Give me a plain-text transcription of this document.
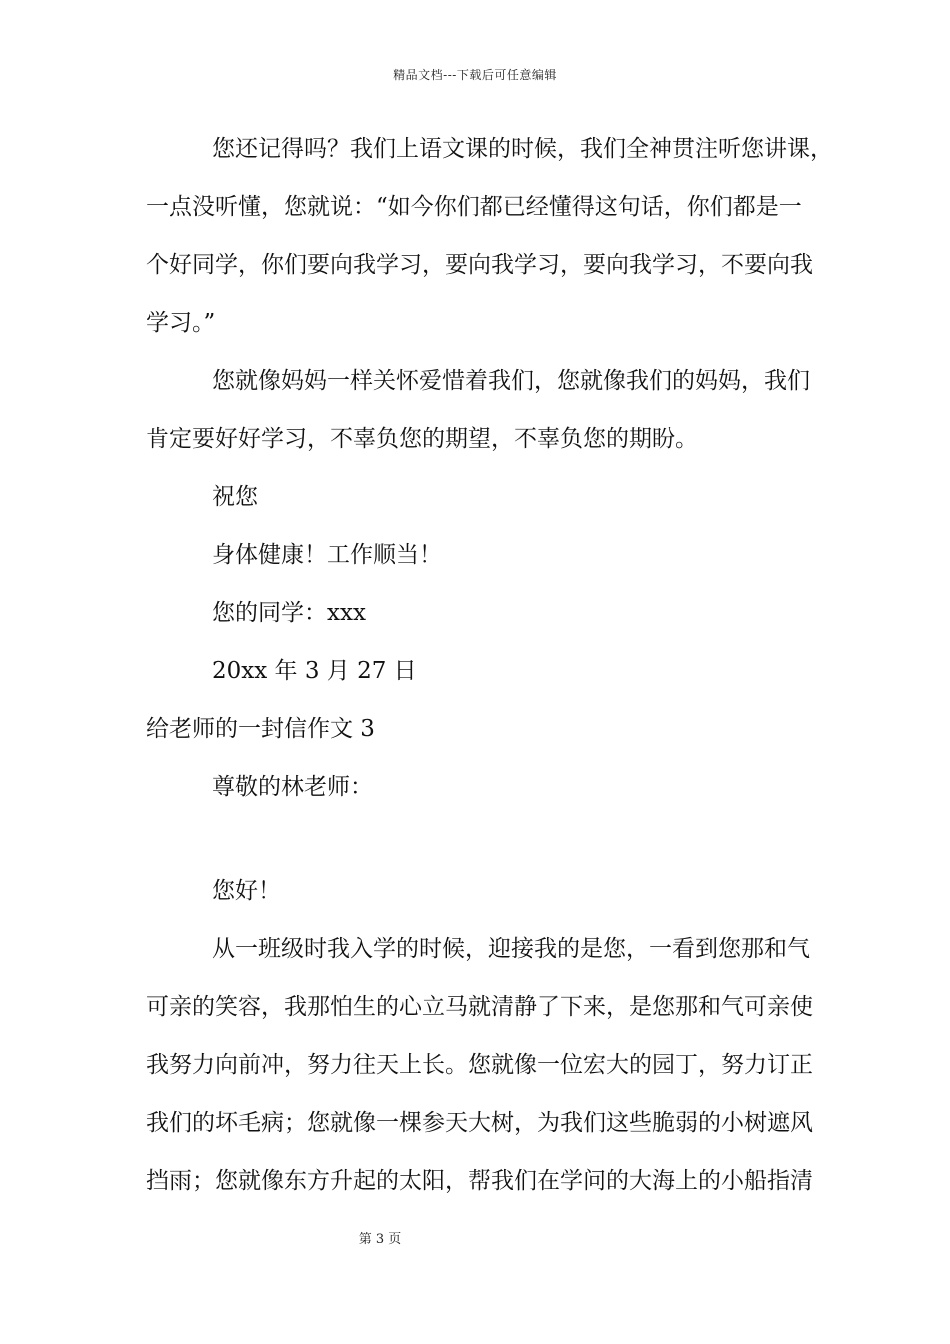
精品文档---下载后可任意编辑
您还记得吗？我们上语文课的时候，我们全神贯注听您讲课，
一点没听懂，您就说：“如今你们都已经懂得这句话，你们都是一
个好同学，你们要向我学习，要向我学习，要向我学习，不要向我
学习。”
您就像妈妈一样关怀爱惜着我们，您就像我们的妈妈，我们
肯定要好好学习，不辜负您的期望，不辜负您的期盼。
祝您
身体健康！工作顺当！
您的同学：xxx
20xx 年 3 月 27 日
给老师的一封信作文 3
尊敬的林老师：
您好！
从一班级时我入学的时候，迎接我的是您，一看到您那和气
可亲的笑容，我那怕生的心立马就清静了下来，是您那和气可亲使
我努力向前冲，努力往天上长。您就像一位宏大的园丁，努力订正
我们的坏毛病；您就像一棵参天大树，为我们这些脆弱的小树遮风
挡雨；您就像东方升起的太阳，帮我们在学问的大海上的小船指清
第 3 页
